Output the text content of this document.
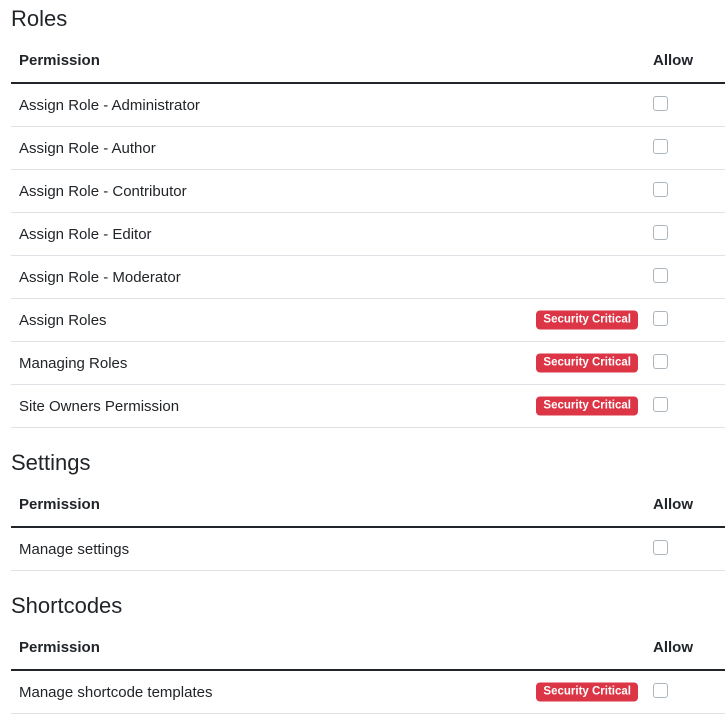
Roles
Permission	Allow
Assign Role - Administrator	
Assign Role - Author	
Assign Role - Contributor	
Assign Role - Editor	
Assign Role - Moderator	
Assign Roles Security Critical	

Managing Roles Security Critical	

Site Owners Permission Security Critical	

Settings
Permission	Allow
Manage settings	
Shortcodes
Permission	Allow
Manage shortcode templates Security Critical	
